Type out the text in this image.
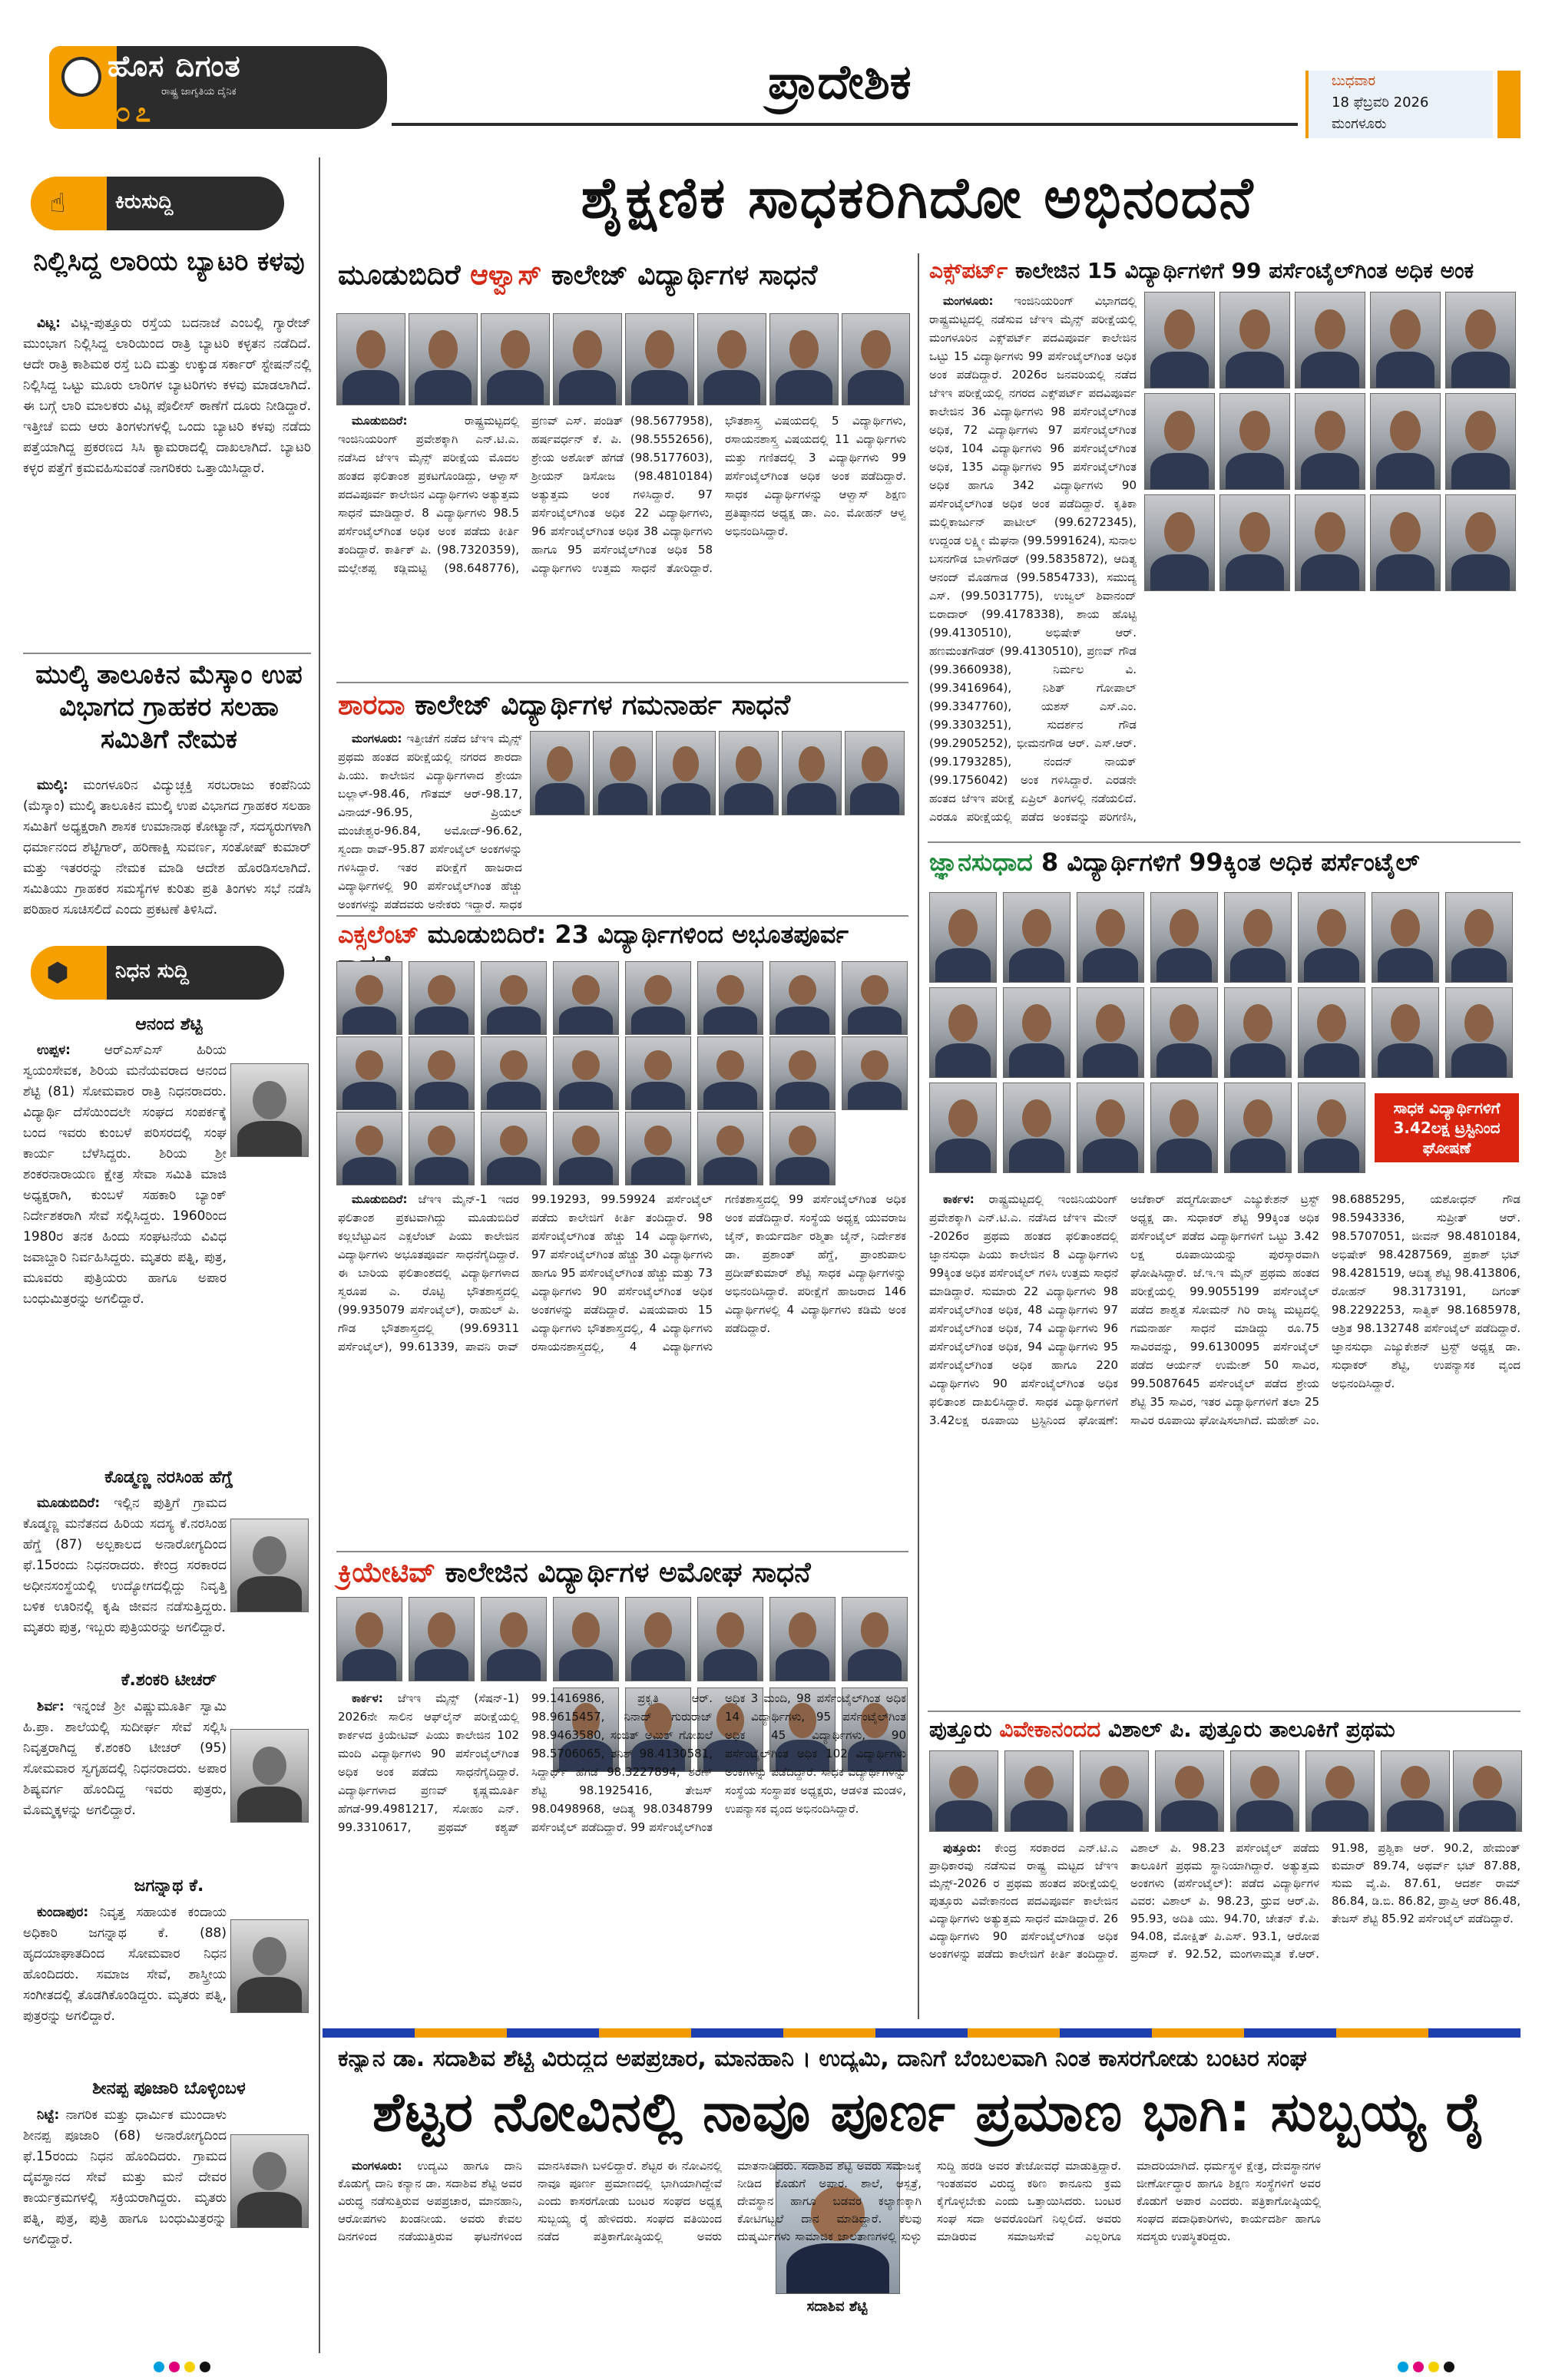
ಹೊಸ ದಿಗಂತ
ರಾಷ್ಟ್ರ ಜಾಗೃತಿಯ ದೈನಿಕ
೦೭
ಪ್ರಾದೇಶಿಕ	ಬುಧವಾರ
18 ಫೆಬ್ರವರಿ 2026
ಮಂಗಳೂರು
ಶೈಕ್ಷಣಿಕ ಸಾಧಕರಿಗಿದೋ ಅಭಿನಂದನೆ
☝	ಕಿರುಸುದ್ದಿ
ನಿಲ್ಲಿಸಿದ್ದ ಲಾರಿಯ ಬ್ಯಾಟರಿ ಕಳವು

ವಿಟ್ಲ: ವಿಟ್ಲ-ಪುತ್ತೂರು ರಸ್ತೆಯ ಬದನಾಜೆ ಎಂಬಲ್ಲಿ ಗ್ಯಾರೇಜ್ ಮುಂಭಾಗ ನಿಲ್ಲಿಸಿದ್ದ ಲಾರಿಯಿಂದ ರಾತ್ರಿ ಬ್ಯಾಟರಿ ಕಳ್ಳತನ ನಡೆದಿದೆ. ಆದೇ ರಾತ್ರಿ ಕಾಶಿಮಠ ರಸ್ತೆ ಬದಿ ಮತ್ತು ಉಕ್ಕುಡ ಸರ್ಕಾರ್ ಸ್ಟೇಷನ್‌ನಲ್ಲಿ ನಿಲ್ಲಿಸಿದ್ದ ಒಟ್ಟು ಮೂರು ಲಾರಿಗಳ ಬ್ಯಾಟರಿಗಳು ಕಳವು ಮಾಡಲಾಗಿದೆ. ಈ ಬಗ್ಗೆ ಲಾರಿ ಮಾಲಕರು ವಿಟ್ಲ ಪೊಲೀಸ್ ಠಾಣೆಗೆ ದೂರು ನೀಡಿದ್ದಾರೆ. ಇತ್ತೀಚೆ ಐದು ಆರು ತಿಂಗಳುಗಳಲ್ಲಿ ಒಂದು ಬ್ಯಾಟರಿ ಕಳವು ನಡೆದು ಪತ್ತೆಯಾಗಿದ್ದ ಪ್ರಕರಣದ ಸಿಸಿ ಕ್ಯಾಮರಾದಲ್ಲಿ ದಾಖಲಾಗಿದೆ. ಬ್ಯಾಟರಿ ಕಳ್ಳರ ಪತ್ತೆಗೆ ಕ್ರಮವಹಿಸುವಂತೆ ನಾಗರಿಕರು ಒತ್ತಾಯಿಸಿದ್ದಾರೆ.

ಮುಲ್ಕಿ ತಾಲೂಕಿನ ಮೆಸ್ಕಾಂ ಉಪ ವಿಭಾಗದ ಗ್ರಾಹಕರ ಸಲಹಾ ಸಮಿತಿಗೆ ನೇಮಕ

ಮುಲ್ಕಿ: ಮಂಗಳೂರಿನ ವಿದ್ಯುಚ್ಛಕ್ತಿ ಸರಬರಾಜು ಕಂಪೆನಿಯ (ಮೆಸ್ಕಾಂ) ಮುಲ್ಕಿ ತಾಲೂಕಿನ ಮುಲ್ಕಿ ಉಪ ವಿಭಾಗದ ಗ್ರಾಹಕರ ಸಲಹಾ ಸಮಿತಿಗೆ ಅಧ್ಯಕ್ಷರಾಗಿ ಶಾಸಕ ಉಮಾನಾಥ ಕೋಟ್ಯಾನ್, ಸದಸ್ಯರುಗಳಾಗಿ ಧರ್ಮಾನಂದ ಶೆಟ್ಟಿಗಾರ್, ಹರಿಣಾಕ್ಷಿ ಸುವರ್ಣ, ಸಂತೋಷ್ ಕುಮಾರ್ ಮತ್ತು ಇತರರನ್ನು ನೇಮಕ ಮಾಡಿ ಆದೇಶ ಹೊರಡಿಸಲಾಗಿದೆ. ಸಮಿತಿಯು ಗ್ರಾಹಕರ ಸಮಸ್ಯೆಗಳ ಕುರಿತು ಪ್ರತಿ ತಿಂಗಳು ಸಭೆ ನಡೆಸಿ ಪರಿಹಾರ ಸೂಚಿಸಲಿದೆ ಎಂದು ಪ್ರಕಟಣೆ ತಿಳಿಸಿದೆ.

⬢	ನಿಧನ ಸುದ್ದಿ
ಆನಂದ ಶೆಟ್ಟಿ

ಉಪ್ಪಳ:	ಆರ್‌ಎಸ್‌ಎಸ್ ಹಿರಿಯ ಸ್ವಯಂಸೇವಕ, ಶಿರಿಯ ಮನೆಯವರಾದ ಆನಂದ ಶೆಟ್ಟಿ (81) ಸೋಮವಾರ ರಾತ್ರಿ ನಿಧನರಾದರು. ವಿದ್ಯಾರ್ಥಿ ದೆಸೆಯಿಂದಲೇ ಸಂಘದ ಸಂಪರ್ಕಕ್ಕೆ ಬಂದ ಇವರು ಕುಂಬಳೆ ಪರಿಸರದಲ್ಲಿ ಸಂಘ ಕಾರ್ಯ ಬೆಳೆಸಿದ್ದರು. ಶಿರಿಯ ಶ್ರೀ ಶಂಕರನಾರಾಯಣ ಕ್ಷೇತ್ರ ಸೇವಾ ಸಮಿತಿ ಮಾಜಿ ಅಧ್ಯಕ್ಷರಾಗಿ, ಕುಂಬಳೆ ಸಹಕಾರಿ ಬ್ಯಾಂಕ್ ನಿರ್ದೇಶಕರಾಗಿ ಸೇವೆ ಸಲ್ಲಿಸಿದ್ದರು. 1960ರಿಂದ 1980ರ ತನಕ ಹಿಂದು ಸಂಘಟನೆಯ ವಿವಿಧ ಜವಾಬ್ದಾರಿ ನಿರ್ವಹಿಸಿದ್ದರು. ಮೃತರು ಪತ್ನಿ, ಪುತ್ರ, ಮೂವರು ಪುತ್ರಿಯರು ಹಾಗೂ ಅಪಾರ ಬಂಧುಮಿತ್ರರನ್ನು ಅಗಲಿದ್ದಾರೆ.

ಕೊಡ್ಮಣ್ಣ ನರಸಿಂಹ ಹೆಗ್ಡೆ

ಮೂಡುಬಿದಿರೆ: ಇಲ್ಲಿನ ಪುತ್ತಿಗೆ ಗ್ರಾಮದ ಕೊಡ್ಮಣ್ಣ ಮನೆತನದ ಹಿರಿಯ ಸದಸ್ಯ ಕೆ.ನರಸಿಂಹ ಹೆಗ್ಡೆ (87) ಅಲ್ಪಕಾಲದ ಅನಾರೋಗ್ಯದಿಂದ ಫೆ.15ರಂದು ನಿಧನರಾದರು. ಕೇಂದ್ರ ಸರಕಾರದ ಅಧೀನಸಂಸ್ಥೆಯಲ್ಲಿ ಉದ್ಯೋಗದಲ್ಲಿದ್ದು ನಿವೃತ್ತಿ ಬಳಿಕ ಊರಿನಲ್ಲಿ ಕೃಷಿ ಜೀವನ ನಡೆಸುತ್ತಿದ್ದರು. ಮೃತರು ಪುತ್ರ, ಇಬ್ಬರು ಪುತ್ರಿಯರನ್ನು ಅಗಲಿದ್ದಾರೆ.

ಕೆ.ಶಂಕರಿ ಟೀಚರ್

ಶಿರ್ವ: ಇನ್ನಂಜೆ ಶ್ರೀ ವಿಷ್ಣುಮೂರ್ತಿ ಸ್ವಾಮಿ ಹಿ.ಪ್ರಾ. ಶಾಲೆಯಲ್ಲಿ ಸುದೀರ್ಘ ಸೇವೆ ಸಲ್ಲಿಸಿ ನಿವೃತ್ತರಾಗಿದ್ದ ಕೆ.ಶಂಕರಿ ಟೀಚರ್ (95) ಸೋಮವಾರ ಸ್ವಗೃಹದಲ್ಲಿ ನಿಧನರಾದರು. ಅಪಾರ ಶಿಷ್ಯವರ್ಗ ಹೊಂದಿದ್ದ ಇವರು ಪುತ್ರರು, ಮೊಮ್ಮಕ್ಕಳನ್ನು ಅಗಲಿದ್ದಾರೆ.

ಜಗನ್ನಾಥ ಕೆ.

ಕುಂದಾಪುರ: ನಿವೃತ್ತ ಸಹಾಯಕ ಕಂದಾಯ ಅಧಿಕಾರಿ ಜಗನ್ನಾಥ ಕೆ. (88) ಹೃದಯಾಘಾತದಿಂದ ಸೋಮವಾರ ನಿಧನ ಹೊಂದಿದರು. ಸಮಾಜ ಸೇವೆ, ಶಾಸ್ತ್ರೀಯ ಸಂಗೀತದಲ್ಲಿ ತೊಡಗಿಕೊಂಡಿದ್ದರು. ಮೃತರು ಪತ್ನಿ, ಪುತ್ರರನ್ನು ಅಗಲಿದ್ದಾರೆ.

ಶೀನಪ್ಪ ಪೂಜಾರಿ ಬೊಳ್ಳಿಂಬಳ

ನಿಟ್ಟೆ: ನಾಗರಿಕ ಮತ್ತು ಧಾರ್ಮಿಕ ಮುಂದಾಳು ಶೀನಪ್ಪ ಪೂಜಾರಿ (68) ಅನಾರೋಗ್ಯದಿಂದ ಫೆ.15ರಂದು ನಿಧನ ಹೊಂದಿದರು. ಗ್ರಾಮದ ದೈವಸ್ಥಾನದ ಸೇವೆ ಮತ್ತು ಮನೆ ದೇವರ ಕಾರ್ಯಕ್ರಮಗಳಲ್ಲಿ ಸಕ್ರಿಯರಾಗಿದ್ದರು. ಮೃತರು ಪತ್ನಿ, ಪುತ್ರ, ಪುತ್ರಿ ಹಾಗೂ ಬಂಧುಮಿತ್ರರನ್ನು ಅಗಲಿದ್ದಾರೆ.

ಮೂಡುಬಿದಿರೆ ಆಳ್ವಾಸ್ ಕಾಲೇಜ್ ವಿದ್ಯಾರ್ಥಿಗಳ ಸಾಧನೆ

ಮೂಡುಬಿದಿರೆ:	ರಾಷ್ಟ್ರಮಟ್ಟದಲ್ಲಿ ಇಂಜಿನಿಯರಿಂಗ್ ಪ್ರವೇಶಕ್ಕಾಗಿ ಎನ್.ಟಿ.ಎ. ನಡೆಸಿದ ಜೆಇಇ ಮೈನ್ಸ್ ಪರೀಕ್ಷೆಯ ಮೊದಲ ಹಂತದ ಫಲಿತಾಂಶ ಪ್ರಕಟಗೊಂಡಿದ್ದು, ಆಳ್ವಾಸ್ ಪದವಿಪೂರ್ವ ಕಾಲೇಜಿನ ವಿದ್ಯಾರ್ಥಿಗಳು ಅತ್ಯುತ್ತಮ ಸಾಧನೆ ಮಾಡಿದ್ದಾರೆ. 8 ವಿದ್ಯಾರ್ಥಿಗಳು 98.5 ಪರ್ಸೆಂಟೈಲ್‌ಗಿಂತ ಅಧಿಕ ಅಂಕ ಪಡೆದು ಕೀರ್ತಿ ತಂದಿದ್ದಾರೆ. ಕಾರ್ತಿಕ್ ಪಿ. (98.7320359), ಮಲ್ಲೇಶಪ್ಪ ಕಡ್ಲಿಮಟ್ಟಿ (98.648776), ಪ್ರಣವ್ ಎಸ್. ಪಂಡಿತ್ (98.5677958), ಹರ್ಷವರ್ಧನ್ ಕೆ. ಪಿ. (98.5552656), ಶ್ರೇಯ ಅಶೋಕ್ ಹೆಗಡೆ (98.5177603), ಶ್ರೀಯನ್ ಡಿಸೋಜ (98.4810184) ಅತ್ಯುತ್ತಮ ಅಂಕ ಗಳಿಸಿದ್ದಾರೆ. 97 ಪರ್ಸೆಂಟೈಲ್‌ಗಿಂತ ಅಧಿಕ 22 ವಿದ್ಯಾರ್ಥಿಗಳು, 96 ಪರ್ಸೆಂಟೈಲ್‌ಗಿಂತ ಅಧಿಕ 38 ವಿದ್ಯಾರ್ಥಿಗಳು ಹಾಗೂ 95 ಪರ್ಸೆಂಟೈಲ್‌ಗಿಂತ ಅಧಿಕ 58 ವಿದ್ಯಾರ್ಥಿಗಳು ಉತ್ತಮ ಸಾಧನೆ ತೋರಿದ್ದಾರೆ. ಭೌತಶಾಸ್ತ್ರ ವಿಷಯದಲ್ಲಿ 5 ವಿದ್ಯಾರ್ಥಿಗಳು, ರಸಾಯನಶಾಸ್ತ್ರ ವಿಷಯದಲ್ಲಿ 11 ವಿದ್ಯಾರ್ಥಿಗಳು ಮತ್ತು ಗಣಿತದಲ್ಲಿ 3 ವಿದ್ಯಾರ್ಥಿಗಳು 99 ಪರ್ಸೆಂಟೈಲ್‌ಗಿಂತ ಅಧಿಕ ಅಂಕ ಪಡೆದಿದ್ದಾರೆ. ಸಾಧಕ ವಿದ್ಯಾರ್ಥಿಗಳನ್ನು ಆಳ್ವಾಸ್ ಶಿಕ್ಷಣ ಪ್ರತಿಷ್ಠಾನದ ಅಧ್ಯಕ್ಷ ಡಾ. ಎಂ. ಮೋಹನ್ ಆಳ್ವ ಅಭಿನಂದಿಸಿದ್ದಾರೆ.

ಶಾರದಾ ಕಾಲೇಜ್ ವಿದ್ಯಾರ್ಥಿಗಳ ಗಮನಾರ್ಹ ಸಾಧನೆ

ಮಂಗಳೂರು: ಇತ್ತೀಚೆಗೆ ನಡೆದ ಜೆಇಇ ಮೈನ್ಸ್ ಪ್ರಥಮ ಹಂತದ ಪರೀಕ್ಷೆಯಲ್ಲಿ ನಗರದ ಶಾರದಾ ಪಿ.ಯು. ಕಾಲೇಜಿನ ವಿದ್ಯಾರ್ಥಿಗಳಾದ ಶ್ರೇಯಾ ಬಲ್ಲಾಳ್-98.46, ಗೌತಮ್ ಆರ್-98.17, ವಿನಾಯ್-96.95, ಪ್ರಿಯಲ್ ಮಂಜೇಶ್ವರ-96.84, ಅಮೋದ್-96.62, ಸ್ವಂದಾ ರಾವ್-95.87 ಪರ್ಸೆಂಟೈಲ್ ಅಂಕಗಳನ್ನು ಗಳಿಸಿದ್ದಾರೆ. ಇತರ ಪರೀಕ್ಷೆಗೆ ಹಾಜರಾದ ವಿದ್ಯಾರ್ಥಿಗಳಲ್ಲಿ 90 ಪರ್ಸೆಂಟೈಲ್‌ಗಿಂತ ಹೆಚ್ಚು ಅಂಕಗಳನ್ನು ಪಡೆದವರು ಅನೇಕರು ಇದ್ದಾರೆ. ಸಾಧಕ

ಎಕ್ಸಲೆಂಟ್ ಮೂಡುಬಿದಿರೆ: 23 ವಿದ್ಯಾರ್ಥಿಗಳಿಂದ ಅಭೂತಪೂರ್ವ

ಮೂಡುಬಿದಿರೆ: ಜೆಇಇ ಮೈನ್-1 ಇದರ ಫಲಿತಾಂಶ ಪ್ರಕಟವಾಗಿದ್ದು ಮೂಡುಬಿದಿರೆ ಕಲ್ಲಬೆಟ್ಟುವಿನ ಎಕ್ಸಲೆಂಟ್ ಪಿಯು ಕಾಲೇಜಿನ ವಿದ್ಯಾರ್ಥಿಗಳು ಅಭೂತಪೂರ್ವ ಸಾಧನೆಗೈದಿದ್ದಾರೆ. ಈ ಬಾರಿಯ ಫಲಿತಾಂಶದಲ್ಲಿ ವಿದ್ಯಾರ್ಥಿಗಳಾದ ಸ್ವರೂಪ ಎ. ರೊಟ್ಟಿ ಭೌತಶಾಸ್ತ್ರದಲ್ಲಿ (99.935079 ಪರ್ಸೆಂಟೈಲ್), ರಾಹುಲ್ ಪಿ. ಗೌಡ ಭೌತಶಾಸ್ತ್ರದಲ್ಲಿ (99.69311 ಪರ್ಸೆಂಟೈಲ್), 99.61339, ಪಾವನಿ ರಾವ್ 99.19293, 99.59924 ಪರ್ಸೆಂಟೈಲ್ ಪಡೆದು ಕಾಲೇಜಿಗೆ ಕೀರ್ತಿ ತಂದಿದ್ದಾರೆ. 98 ಪರ್ಸೆಂಟೈಲ್‌ಗಿಂತ ಹೆಚ್ಚು 14 ವಿದ್ಯಾರ್ಥಿಗಳು, 97 ಪರ್ಸೆಂಟೈಲ್‌ಗಿಂತ ಹೆಚ್ಚು 30 ವಿದ್ಯಾರ್ಥಿಗಳು ಹಾಗೂ 95 ಪರ್ಸೆಂಟೈಲ್‌ಗಿಂತ ಹೆಚ್ಚು ಮತ್ತು 73 ವಿದ್ಯಾರ್ಥಿಗಳು 90 ಪರ್ಸೆಂಟೈಲ್‌ಗಿಂತ ಅಧಿಕ ಅಂಕಗಳನ್ನು ಪಡೆದಿದ್ದಾರೆ. ವಿಷಯವಾರು 15 ವಿದ್ಯಾರ್ಥಿಗಳು ಭೌತಶಾಸ್ತ್ರದಲ್ಲಿ, 4 ವಿದ್ಯಾರ್ಥಿಗಳು ರಸಾಯನಶಾಸ್ತ್ರದಲ್ಲಿ, 4 ವಿದ್ಯಾರ್ಥಿಗಳು ಗಣಿತಶಾಸ್ತ್ರದಲ್ಲಿ 99 ಪರ್ಸೆಂಟೈಲ್‌ಗಿಂತ ಅಧಿಕ ಅಂಕ ಪಡೆದಿದ್ದಾರೆ. ಸಂಸ್ಥೆಯ ಅಧ್ಯಕ್ಷ ಯುವರಾಜ ಜೈನ್, ಕಾರ್ಯದರ್ಶಿ ರಶ್ಮಿತಾ ಜೈನ್, ನಿರ್ದೇಶಕ ಡಾ. ಪ್ರಶಾಂತ್ ಹೆಗ್ಡೆ, ಪ್ರಾಂಶುಪಾಲ ಪ್ರದೀಪ್‌ಕುಮಾರ್ ಶೆಟ್ಟಿ ಸಾಧಕ ವಿದ್ಯಾರ್ಥಿಗಳನ್ನು ಅಭಿನಂದಿಸಿದ್ದಾರೆ. ಪರೀಕ್ಷೆಗೆ ಹಾಜರಾದ 146 ವಿದ್ಯಾರ್ಥಿಗಳಲ್ಲಿ 4 ವಿದ್ಯಾರ್ಥಿಗಳು ಕಡಿಮೆ ಅಂಕ ಪಡೆದಿದ್ದಾರೆ.

ಕ್ರಿಯೇಟಿವ್ ಕಾಲೇಜಿನ ವಿದ್ಯಾರ್ಥಿಗಳ ಅಮೋಘ ಸಾಧನೆ

ಕಾರ್ಕಳ: ಜೆಇಇ ಮೈನ್ಸ್ (ಸೆಷನ್-1) 2026ನೇ ಸಾಲಿನ ಆಫ್‌ಲೈನ್ ಪರೀಕ್ಷೆಯಲ್ಲಿ ಕಾರ್ಕಳದ ಕ್ರಿಯೇಟಿವ್ ಪಿಯು ಕಾಲೇಜಿನ 102 ಮಂದಿ ವಿದ್ಯಾರ್ಥಿಗಳು 90 ಪರ್ಸೆಂಟೈಲ್‌ಗಿಂತ ಅಧಿಕ ಅಂಕ ಪಡೆದು ಸಾಧನೆಗೈದಿದ್ದಾರೆ. ವಿದ್ಯಾರ್ಥಿಗಳಾದ ಪ್ರಣವ್ ಕೃಷ್ಣಮೂರ್ತಿ ಹೆಗಡೆ-99.4981217, ಸೋಹಂ ಎನ್. 99.3310617, ಪ್ರಥಮ್ ಕಶ್ಯಪ್ 99.1416986, ಪ್ರಕೃತಿ ಆರ್. 98.9615457, ನಿನಾದ್ ಗುರುರಾಜ್ 98.9463580, ಸಂಜಿತ್ ಅಮಿತ್ ಗೋಖಲೆ 98.5706065, ತನಿಶ್ 98.4130581, ಸಿದ್ದಾರ್ಥ್ ಹೆಗಡೆ 98.3227894, ಶರಣ್ ಶೆಟ್ಟಿ 98.1925416, ತೇಜಸ್ 98.0498968, ಆದಿತ್ಯ 98.0348799 ಪರ್ಸೆಂಟೈಲ್ ಪಡೆದಿದ್ದಾರೆ. 99 ಪರ್ಸೆಂಟೈಲ್‌ಗಿಂತ ಅಧಿಕ 3 ಮಂದಿ, 98 ಪರ್ಸೆಂಟೈಲ್‌ಗಿಂತ ಅಧಿಕ 14 ವಿದ್ಯಾರ್ಥಿಗಳು, 95 ಪರ್ಸೆಂಟೈಲ್‌ಗಿಂತ ಅಧಿಕ 45 ವಿದ್ಯಾರ್ಥಿಗಳು, 90 ಪರ್ಸೆಂಟೈಲ್‌ಗಿಂತ ಅಧಿಕ 102 ವಿದ್ಯಾರ್ಥಿಗಳು ಅಂಕಗಳನ್ನು ಪಡೆದಿದ್ದಾರೆ. ಸಾಧಕ ವಿದ್ಯಾರ್ಥಿಗಳನ್ನು ಸಂಸ್ಥೆಯ ಸಂಸ್ಥಾಪಕ ಅಧ್ಯಕ್ಷರು, ಆಡಳಿತ ಮಂಡಳಿ, ಉಪನ್ಯಾಸಕ ವೃಂದ ಅಭಿನಂದಿಸಿದ್ದಾರೆ.

ಎಕ್ಸ್‌ಪರ್ಟ್ ಕಾಲೇಜಿನ 15 ವಿದ್ಯಾರ್ಥಿಗಳಿಗೆ 99 ಪರ್ಸೆಂಟೈಲ್‌ಗಿಂತ ಅಧಿಕ ಅಂಕ

ಮಂಗಳೂರು: ಇಂಜಿನಿಯರಿಂಗ್ ವಿಭಾಗದಲ್ಲಿ ರಾಷ್ಟ್ರಮಟ್ಟದಲ್ಲಿ ನಡೆಸುವ ಜೆಇಇ ಮೈನ್ಸ್ ಪರೀಕ್ಷೆಯಲ್ಲಿ ಮಂಗಳೂರಿನ ಎಕ್ಸ್‌ಪರ್ಟ್ ಪದವಿಪೂರ್ವ ಕಾಲೇಜಿನ ಒಟ್ಟು 15 ವಿದ್ಯಾರ್ಥಿಗಳು 99 ಪರ್ಸೆಂಟೈಲ್‌ಗಿಂತ ಅಧಿಕ ಅಂಕ ಪಡೆದಿದ್ದಾರೆ. 2026ರ ಜನವರಿಯಲ್ಲಿ ನಡೆದ ಜೆಇಇ ಪರೀಕ್ಷೆಯಲ್ಲಿ ನಗರದ ಎಕ್ಸ್‌ಪರ್ಟ್ ಪದವಿಪೂರ್ವ ಕಾಲೇಜಿನ 36 ವಿದ್ಯಾರ್ಥಿಗಳು 98 ಪರ್ಸೆಂಟೈಲ್‌ಗಿಂತ ಅಧಿಕ, 72 ವಿದ್ಯಾರ್ಥಿಗಳು 97 ಪರ್ಸೆಂಟೈಲ್‌ಗಿಂತ ಅಧಿಕ, 104 ವಿದ್ಯಾರ್ಥಿಗಳು 96 ಪರ್ಸೆಂಟೈಲ್‌ಗಿಂತ ಅಧಿಕ, 135 ವಿದ್ಯಾರ್ಥಿಗಳು 95 ಪರ್ಸೆಂಟೈಲ್‌ಗಿಂತ ಅಧಿಕ ಹಾಗೂ 342 ವಿದ್ಯಾರ್ಥಿಗಳು 90 ಪರ್ಸೆಂಟೈಲ್‌ಗಿಂತ ಅಧಿಕ ಅಂಕ ಪಡೆದಿದ್ದಾರೆ. ಕೃತಿಕಾ ಮಲ್ಲಿಕಾರ್ಜುನ್ ಪಾಟೀಲ್ (99.6272345), ಉದ್ದಂಡ ಲಕ್ಷ್ಮೀ ಮೆಘನಾ (99.5991624), ಸುನಾಲ ಬಸನಗೌಡ ಬಾಳಗೌಡರ್ (99.5835872), ಆದಿತ್ಯ ಆನಂದ್ ಮೊಡಗಾಡ (99.5854733), ಸಮುದ್ಯ ಎಸ್. (99.5031775), ಉಜ್ವಲ್ ಶಿವಾನಂದ್ ಬಿರಾದಾರ್ (99.4178338), ಶಾಯ ಹೊಟ್ಟಿ (99.4130510), ಅಭಿಷೇಕ್ ಆರ್. ಹಣಮಂತಗೌಡರ್ (99.4130510), ಪ್ರಣವ್ ಗೌಡ (99.3660938), ನಿರ್ಮಲ ವಿ. (99.3416964), ನಿಶಿತ್ ಗೋಪಾಲ್ (99.3347760), ಯಶಸ್ ಎಸ್.ಎಂ. (99.3303251), ಸುದರ್ಶನ ಗೌಡ (99.2905252), ಭೀಮನಗೌಡ ಆರ್. ಎಸ್.ಆರ್. (99.1793285), ನಂದನ್ ನಾಯಕ್ (99.1756042) ಅಂಕ ಗಳಿಸಿದ್ದಾರೆ. ಎರಡನೇ ಹಂತದ ಜೆಇಇ ಪರೀಕ್ಷೆ ಏಪ್ರಿಲ್ ತಿಂಗಳಲ್ಲಿ ನಡೆಯಲಿದೆ. ಎರಡೂ ಪರೀಕ್ಷೆಯಲ್ಲಿ ಪಡೆದ ಅಂಕವನ್ನು ಪರಿಗಣಿಸಿ,

ಜ್ಞಾನಸುಧಾದ 8 ವಿದ್ಯಾರ್ಥಿಗಳಿಗೆ 99ಕ್ಕಿಂತ ಅಧಿಕ ಪರ್ಸೆಂಟೈಲ್
ಸಾಧಕ ವಿದ್ಯಾರ್ಥಿಗಳಿಗೆ 3.42ಲಕ್ಷ ಟ್ರಸ್ಟಿನಿಂದ ಘೋಷಣೆ

ಕಾರ್ಕಳ: ರಾಷ್ಟ್ರಮಟ್ಟದಲ್ಲಿ ಇಂಜಿನಿಯರಿಂಗ್ ಪ್ರವೇಶಕ್ಕಾಗಿ ಎನ್.ಟಿ.ಎ. ನಡೆಸಿದ ಜೆಇಇ ಮೇನ್ -2026ರ ಪ್ರಥಮ ಹಂತದ ಫಲಿತಾಂಶದಲ್ಲಿ ಜ್ಞಾನಸುಧಾ ಪಿಯು ಕಾಲೇಜಿನ 8 ವಿದ್ಯಾರ್ಥಿಗಳು 99ಕ್ಕಿಂತ ಅಧಿಕ ಪರ್ಸೆಂಟೈಲ್ ಗಳಿಸಿ ಉತ್ತಮ ಸಾಧನೆ ಮಾಡಿದ್ದಾರೆ. ಸುಮಾರು 22 ವಿದ್ಯಾರ್ಥಿಗಳು 98 ಪರ್ಸೆಂಟೈಲ್‌ಗಿಂತ ಅಧಿಕ, 48 ವಿದ್ಯಾರ್ಥಿಗಳು 97 ಪರ್ಸೆಂಟೈಲ್‌ಗಿಂತ ಅಧಿಕ, 74 ವಿದ್ಯಾರ್ಥಿಗಳು 96 ಪರ್ಸೆಂಟೈಲ್‌ಗಿಂತ ಅಧಿಕ, 94 ವಿದ್ಯಾರ್ಥಿಗಳು 95 ಪರ್ಸೆಂಟೈಲ್‌ಗಿಂತ ಅಧಿಕ ಹಾಗೂ 220 ವಿದ್ಯಾರ್ಥಿಗಳು 90 ಪರ್ಸೆಂಟೈಲ್‌ಗಿಂತ ಅಧಿಕ ಫಲಿತಾಂಶ ದಾಖಲಿಸಿದ್ದಾರೆ. ಸಾಧಕ ವಿದ್ಯಾರ್ಥಿಗಳಿಗೆ 3.42ಲಕ್ಷ ರೂಪಾಯಿ ಟ್ರಸ್ಟಿನಿಂದ ಘೋಷಣೆ: ಅಜೆಕಾರ್ ಪದ್ಮಗೋಪಾಲ್ ಎಜ್ಯುಕೇಶನ್ ಟ್ರಸ್ಟ್ ಅಧ್ಯಕ್ಷ ಡಾ. ಸುಧಾಕರ್ ಶೆಟ್ಟಿ 99ಕ್ಕಿಂತ ಅಧಿಕ ಪರ್ಸೆಂಟೈಲ್ ಪಡೆದ ವಿದ್ಯಾರ್ಥಿಗಳಿಗೆ ಒಟ್ಟು 3.42 ಲಕ್ಷ ರೂಪಾಯಿಯನ್ನು ಪುರಸ್ಕಾರವಾಗಿ ಘೋಷಿಸಿದ್ದಾರೆ. ಜೆ.ಇ.ಇ ಮೈನ್ ಪ್ರಥಮ ಹಂತದ ಪರೀಕ್ಷೆಯಲ್ಲಿ 99.9055199 ಪರ್ಸೆಂಟೈಲ್ ಪಡೆದ ಶಾಶ್ವತ ಸೋಮನ್ ಗಿರಿ ರಾಜ್ಯ ಮಟ್ಟದಲ್ಲಿ ಗಮನಾರ್ಹ ಸಾಧನೆ ಮಾಡಿದ್ದು ರೂ.75 ಸಾವಿರವನ್ನು, 99.6130095 ಪರ್ಸೆಂಟೈಲ್ ಪಡೆದ ಆರ್ಯನ್ ಉಮೇಶ್ 50 ಸಾವಿರ, 99.5087645 ಪರ್ಸೆಂಟೈಲ್ ಪಡೆದ ಶ್ರೇಯ ಶೆಟ್ಟಿ 35 ಸಾವಿರ, ಇತರ ವಿದ್ಯಾರ್ಥಿಗಳಿಗೆ ತಲಾ 25 ಸಾವಿರ ರೂಪಾಯಿ ಘೋಷಿಸಲಾಗಿದೆ. ಮಹೇಶ್ ಎಂ. 98.6885295, ಯಶೋಧನ್ ಗೌಡ 98.5943336, ಸುಪ್ರೀತ್ ಆರ್. 98.5707051, ಜೀವನ್ 98.4810184, ಅಭಿಷೇಕ್ 98.4287569, ಪ್ರಕಾಶ್ ಭಟ್ 98.4281519, ಆದಿತ್ಯ ಶೆಟ್ಟಿ 98.413806, ರೋಹನ್ 98.3173191, ದಿಗಂತ್ 98.2292253, ಸಾತ್ವಿಕ್ 98.1685978, ಆಶ್ರಿತ 98.132748 ಪರ್ಸೆಂಟೈಲ್ ಪಡೆದಿದ್ದಾರೆ. ಜ್ಞಾನಸುಧಾ ಎಜ್ಯುಕೇಶನ್ ಟ್ರಸ್ಟ್ ಅಧ್ಯಕ್ಷ ಡಾ. ಸುಧಾಕರ್ ಶೆಟ್ಟಿ, ಉಪನ್ಯಾಸಕ ವೃಂದ ಅಭಿನಂದಿಸಿದ್ದಾರೆ.

ಪುತ್ತೂರು ವಿವೇಕಾನಂದದ ವಿಶಾಲ್ ಪಿ. ಪುತ್ತೂರು ತಾಲೂಕಿಗೆ ಪ್ರಥಮ

ಪುತ್ತೂರು: ಕೇಂದ್ರ ಸರಕಾರದ ಎನ್.ಟಿ.ಎ ಪ್ರಾಧಿಕಾರವು ನಡೆಸುವ ರಾಷ್ಟ್ರ ಮಟ್ಟದ ಜೆಇಇ ಮೈನ್ಸ್-2026 ರ ಪ್ರಥಮ ಹಂತದ ಪರೀಕ್ಷೆಯಲ್ಲಿ ಪುತ್ತೂರು ವಿವೇಕಾನಂದ ಪದವಿಪೂರ್ವ ಕಾಲೇಜಿನ ವಿದ್ಯಾರ್ಥಿಗಳು ಅತ್ಯುತ್ತಮ ಸಾಧನೆ ಮಾಡಿದ್ದಾರೆ. 26 ವಿದ್ಯಾರ್ಥಿಗಳು 90 ಪರ್ಸೆಂಟೈಲ್‌ಗಿಂತ ಅಧಿಕ ಅಂಕಗಳನ್ನು ಪಡೆದು ಕಾಲೇಜಿಗೆ ಕೀರ್ತಿ ತಂದಿದ್ದಾರೆ. ವಿಶಾಲ್ ಪಿ. 98.23 ಪರ್ಸೆಂಟೈಲ್ ಪಡೆದು ತಾಲೂಕಿಗೆ ಪ್ರಥಮ ಸ್ಥಾನಿಯಾಗಿದ್ದಾರೆ. ಅತ್ಯುತ್ತಮ ಅಂಕಗಳು (ಪರ್ಸೆಂಟೈಲ್): ಪಡೆದ ವಿದ್ಯಾರ್ಥಿಗಳ ವಿವರ: ವಿಶಾಲ್ ಪಿ. 98.23, ಧ್ರುವ ಆರ್.ಪಿ. 95.93, ಅದಿತಿ ಯು. 94.70, ಚೇತನ್ ಕೆ.ಪಿ. 94.08, ಮೋಕ್ಷಿತ್ ಪಿ.ಎಸ್. 93.1, ಆರೋಪ ಪ್ರಸಾದ್ ಕೆ. 92.52, ಮಂಗಳಾಮೃತ ಕೆ.ಆರ್. 91.98, ಪ್ರಶ್ವಿಕಾ ಆರ್. 90.2, ಹೇಮಂತ್ ಕುಮಾರ್ 89.74, ಅಥರ್ವ್ ಭಟ್ 87.88, ಸುಮ ವೈ.ಪಿ. 87.61, ಆದರ್ಶ ರಾಮ್ 86.84, ಡಿ.ಬಿ. 86.82, ಪ್ರಾಪ್ತಿ ಆರ್ 86.48, ತೇಜಸ್ ಶೆಟ್ಟಿ 85.92 ಪರ್ಸೆಂಟೈಲ್ ಪಡೆದಿದ್ದಾರೆ.

ಕನ್ಯಾನ ಡಾ. ಸದಾಶಿವ ಶೆಟ್ಟಿ ವಿರುದ್ಧದ ಅಪಪ್ರಚಾರ, ಮಾನಹಾನಿ । ಉದ್ಯಮಿ, ದಾನಿಗೆ ಬೆಂಬಲವಾಗಿ ನಿಂತ ಕಾಸರಗೋಡು ಬಂಟರ ಸಂಘ
ಶೆಟ್ಟರ ನೋವಿನಲ್ಲಿ ನಾವೂ ಪೂರ್ಣ ಪ್ರಮಾಣ ಭಾಗಿ: ಸುಬ್ಬಯ್ಯ ರೈ
ಸದಾಶಿವ ಶೆಟ್ಟಿ

ಮಂಗಳೂರು: ಉದ್ಯಮಿ ಹಾಗೂ ದಾನಿ ಕೊಡುಗೈ ದಾನಿ ಕನ್ಯಾನ ಡಾ. ಸದಾಶಿವ ಶೆಟ್ಟಿ ಅವರ ವಿರುದ್ಧ ನಡೆಸುತ್ತಿರುವ ಅಪಪ್ರಚಾರ, ಮಾನಹಾನಿ, ಆರೋಪಗಳು ಖಂಡನೀಯ. ಅವರು ಕೇವಲ ದಿನಗಳಿಂದ ನಡೆಯುತ್ತಿರುವ ಘಟನೆಗಳಿಂದ ಮಾನಸಿಕವಾಗಿ ಬಳಲಿದ್ದಾರೆ. ಶೆಟ್ಟರ ಈ ನೋವಿನಲ್ಲಿ ನಾವೂ ಪೂರ್ಣ ಪ್ರಮಾಣದಲ್ಲಿ ಭಾಗಿಯಾಗಿದ್ದೇವೆ ಎಂದು ಕಾಸರಗೋಡು ಬಂಟರ ಸಂಘದ ಅಧ್ಯಕ್ಷ ಸುಬ್ಬಯ್ಯ ರೈ ಹೇಳಿದರು. ಸಂಘದ ವತಿಯಿಂದ ನಡೆದ ಪತ್ರಿಕಾಗೋಷ್ಠಿಯಲ್ಲಿ ಅವರು ಮಾತನಾಡಿದರು. ಸದಾಶಿವ ಶೆಟ್ಟಿ ಅವರು ಸಮಾಜಕ್ಕೆ ನೀಡಿದ ಕೊಡುಗೆ ಅಪಾರ. ಶಾಲೆ, ಆಸ್ಪತ್ರೆ, ದೇವಸ್ಥಾನ ಹಾಗೂ ಬಡವರ ಕಲ್ಯಾಣಕ್ಕಾಗಿ ಕೋಟಿಗಟ್ಟಲೆ ದಾನ ಮಾಡಿದ್ದಾರೆ. ಕೆಲವು ದುಷ್ಕರ್ಮಿಗಳು ಸಾಮಾಜಿಕ ಜಾಲತಾಣಗಳಲ್ಲಿ ಸುಳ್ಳು ಸುದ್ದಿ ಹರಡಿ ಅವರ ತೇಜೋವಧೆ ಮಾಡುತ್ತಿದ್ದಾರೆ. ಇಂತಹವರ ವಿರುದ್ಧ ಕಠಿಣ ಕಾನೂನು ಕ್ರಮ ಕೈಗೊಳ್ಳಬೇಕು ಎಂದು ಒತ್ತಾಯಿಸಿದರು. ಬಂಟರ ಸಂಘ ಸದಾ ಅವರೊಂದಿಗೆ ನಿಲ್ಲಲಿದೆ. ಅವರು ಮಾಡಿರುವ ಸಮಾಜಸೇವೆ ಎಲ್ಲರಿಗೂ ಮಾದರಿಯಾಗಿದೆ. ಧರ್ಮಸ್ಥಳ ಕ್ಷೇತ್ರ, ದೇವಸ್ಥಾನಗಳ ಜೀರ್ಣೋದ್ಧಾರ ಹಾಗೂ ಶಿಕ್ಷಣ ಸಂಸ್ಥೆಗಳಿಗೆ ಅವರ ಕೊಡುಗೆ ಅಪಾರ ಎಂದರು. ಪತ್ರಿಕಾಗೋಷ್ಠಿಯಲ್ಲಿ ಸಂಘದ ಪದಾಧಿಕಾರಿಗಳು, ಕಾರ್ಯದರ್ಶಿ ಹಾಗೂ ಸದಸ್ಯರು ಉಪಸ್ಥಿತರಿದ್ದರು.
